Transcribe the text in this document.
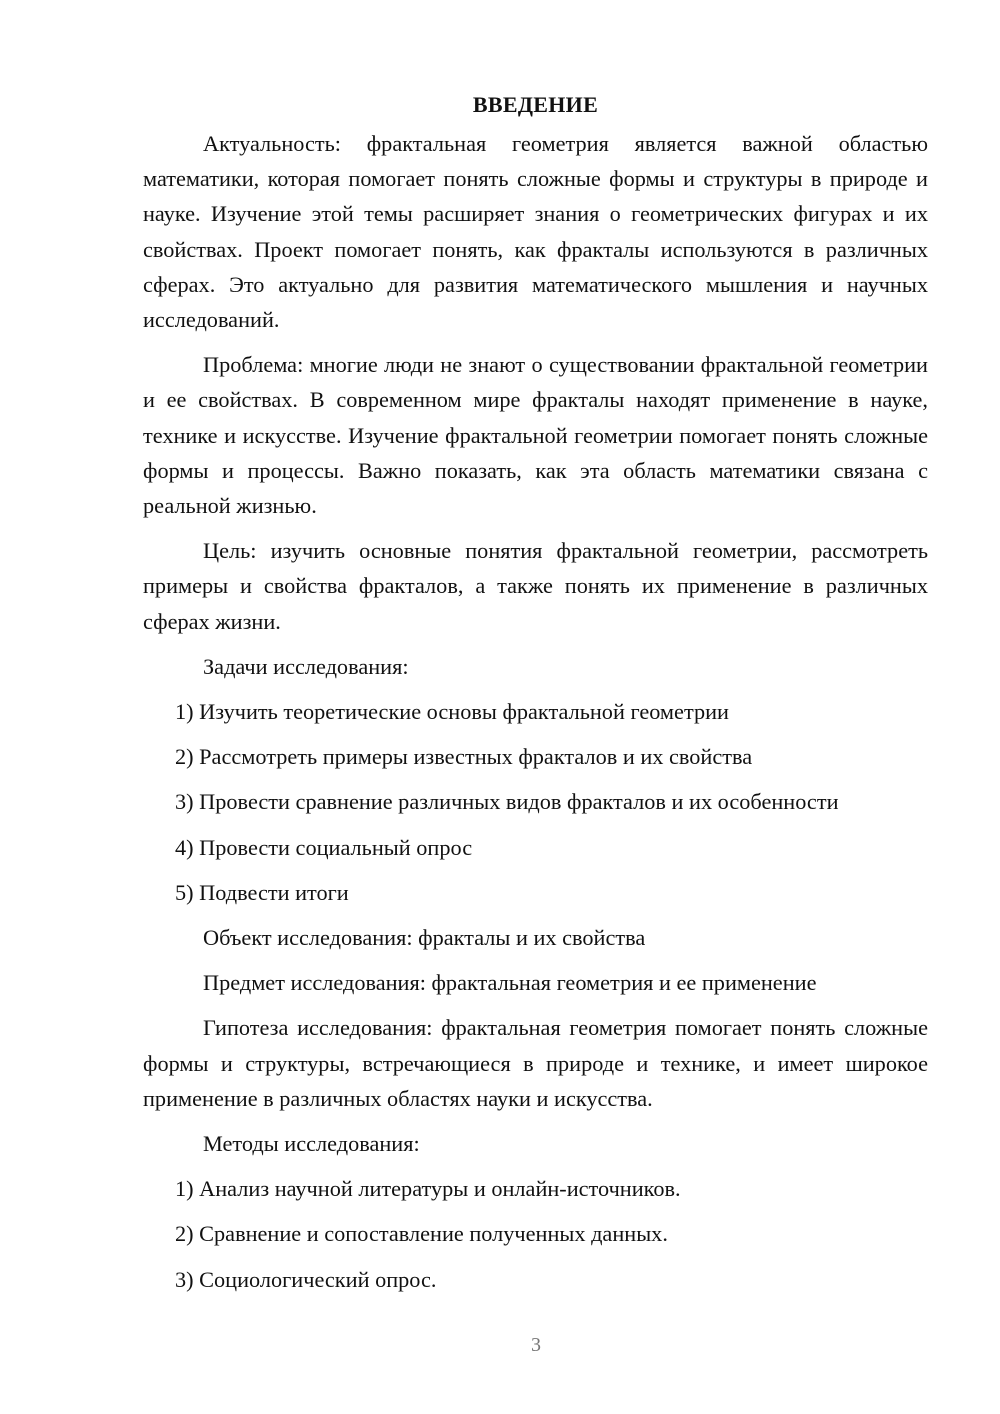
ВВЕДЕНИЕ

Актуальность: фрактальная геометрия является важной областью математики, которая помогает понять сложные формы и структуры в природе и науке. Изучение этой темы расширяет знания о геометрических фигурах и их свойствах. Проект помогает понять, как фракталы используются в различных сферах. Это актуально для развития математического мышления и научных исследований.

Проблема: многие люди не знают о существовании фрактальной геометрии и ее свойствах. В современном мире фракталы находят применение в науке, технике и искусстве. Изучение фрактальной геометрии помогает понять сложные формы и процессы. Важно показать, как эта область математики связана с реальной жизнью.

Цель: изучить основные понятия фрактальной геометрии, рассмотреть примеры и свойства фракталов, а также понять их применение в различных сферах жизни.

Задачи исследования:
1) Изучить теоретические основы фрактальной геометрии
2) Рассмотреть примеры известных фракталов и их свойства
3) Провести сравнение различных видов фракталов и их особенности
4) Провести социальный опрос
5) Подвести итоги
Объект исследования: фракталы и их свойства
Предмет исследования: фрактальная геометрия и ее применение

Гипотеза исследования: фрактальная геометрия помогает понять сложные формы и структуры, встречающиеся в природе и технике, и имеет широкое применение в различных областях науки и искусства.

Методы исследования:
1) Анализ научной литературы и онлайн-источников.
2) Сравнение и сопоставление полученных данных.
3) Социологический опрос.
3
